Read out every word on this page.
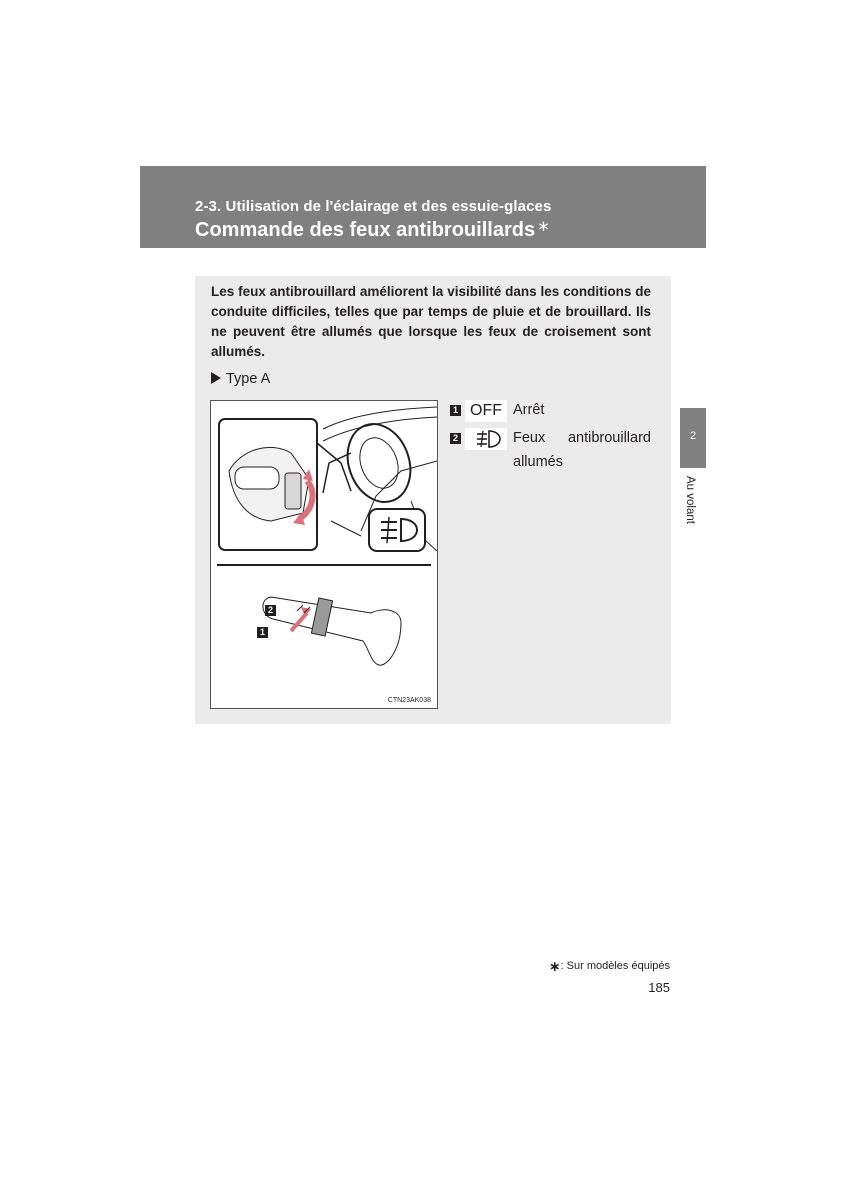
2-3. Utilisation de l'éclairage et des essuie-glaces
Commande des feux antibrouillards ∗
Les feux antibrouillard améliorent la visibilité dans les conditions de conduite difficiles, telles que par temps de pluie et de brouillard. Ils ne peuvent être allumés que lorsque les feux de croisement sont allumés.
Type A
2
1
CTN23AK038
1 OFF Arrêt
2	Feux antibrouillard
allumés
2
Au volant
∗: Sur modèles équipés
185
